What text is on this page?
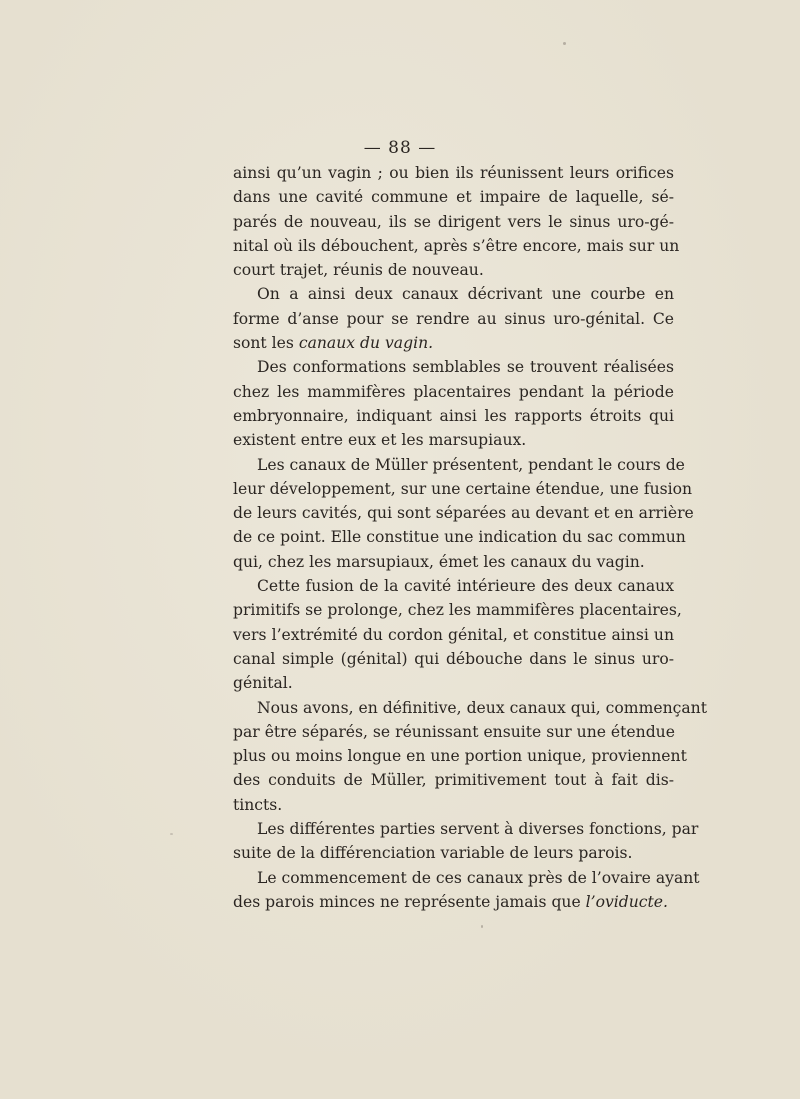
— 88 —
ainsi qu’un vagin ; ou bien ils réunissent leurs orifices
dans une cavité commune et impaire de laquelle, sé-
parés de nouveau, ils se dirigent vers le sinus uro-gé-
nital où ils débouchent, après s’être encore, mais sur un
court trajet, réunis de nouveau.
On a ainsi deux canaux décrivant une courbe en
forme d’anse pour se rendre au sinus uro-génital. Ce
sont les canaux du vagin.
Des conformations semblables se trouvent réalisées
chez les mammifères placentaires pendant la période
embryonnaire, indiquant ainsi les rapports étroits qui
existent entre eux et les marsupiaux.
Les canaux de Müller présentent, pendant le cours de
leur développement, sur une certaine étendue, une fusion
de leurs cavités, qui sont séparées au devant et en arrière
de ce point. Elle constitue une indication du sac commun
qui, chez les marsupiaux, émet les canaux du vagin.
Cette fusion de la cavité intérieure des deux canaux
primitifs se prolonge, chez les mammifères placentaires,
vers l’extrémité du cordon génital, et constitue ainsi un
canal simple (génital) qui débouche dans le sinus uro-
génital.
Nous avons, en définitive, deux canaux qui, commençant
par être séparés, se réunissant ensuite sur une étendue
plus ou moins longue en une portion unique, proviennent
des conduits de Müller, primitivement tout à fait dis-
tincts.
Les différentes parties servent à diverses fonctions, par
suite de la différenciation variable de leurs parois.
Le commencement de ces canaux près de l’ovaire ayant
des parois minces ne représente jamais que l’oviducte.
